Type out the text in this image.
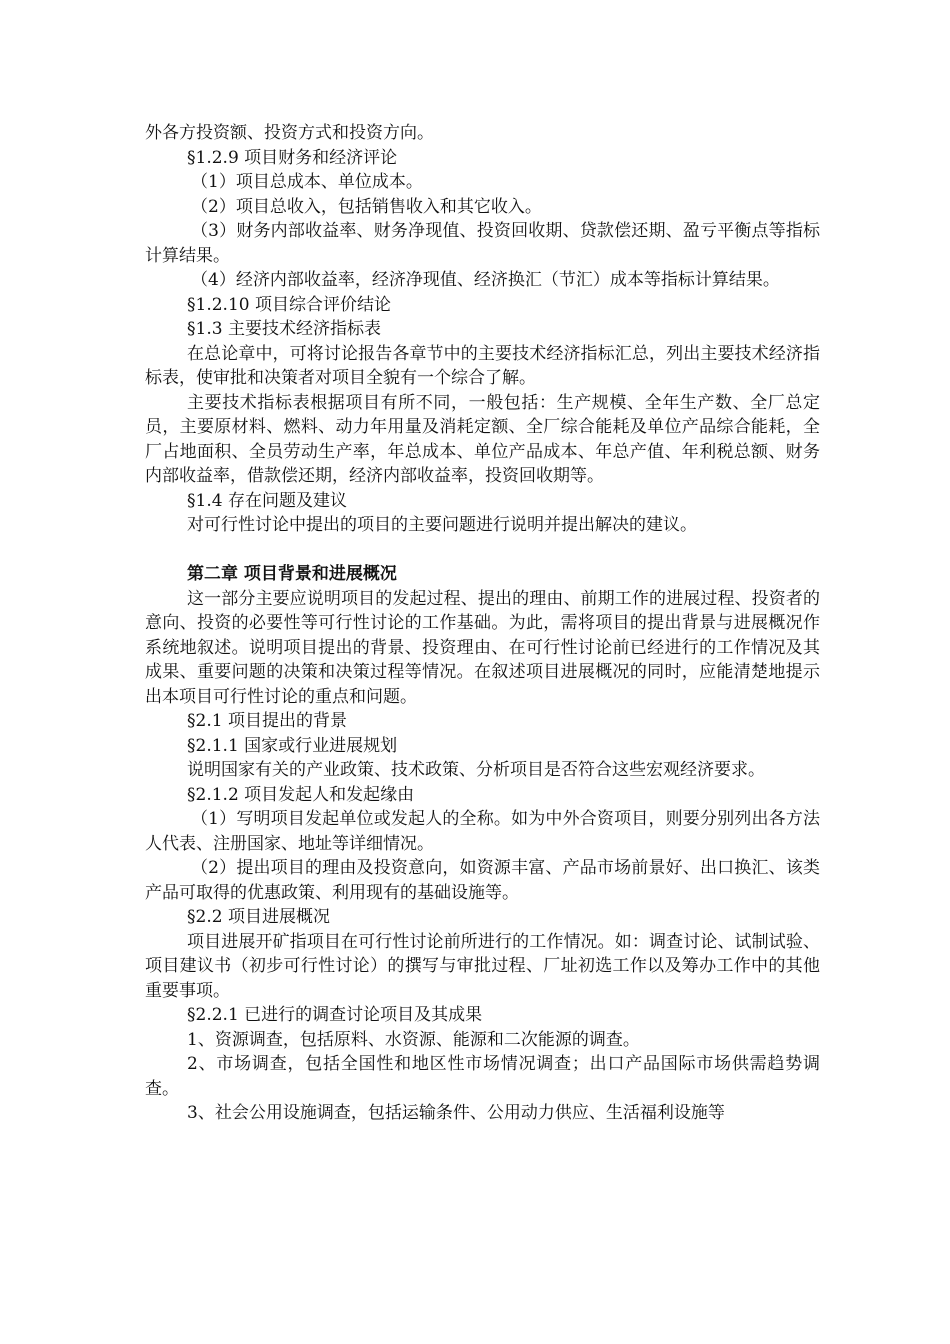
外各方投资额、投资方式和投资方向。

§1.2.9 项目财务和经济评论

（1）项目总成本、单位成本。

（2）项目总收入，包括销售收入和其它收入。

（3）财务内部收益率、财务净现值、投资回收期、贷款偿还期、盈亏平衡点等指标计算结果。

（4）经济内部收益率，经济净现值、经济换汇（节汇）成本等指标计算结果。

§1.2.10 项目综合评价结论

§1.3 主要技术经济指标表

在总论章中，可将讨论报告各章节中的主要技术经济指标汇总，列出主要技术经济指标表，使审批和决策者对项目全貌有一个综合了解。

主要技术指标表根据项目有所不同，一般包括：生产规模、全年生产数、全厂总定员，主要原材料、燃料、动力年用量及消耗定额、全厂综合能耗及单位产品综合能耗，全厂占地面积、全员劳动生产率，年总成本、单位产品成本、年总产值、年利税总额、财务内部收益率，借款偿还期，经济内部收益率，投资回收期等。

§1.4 存在问题及建议

对可行性讨论中提出的项目的主要问题进行说明并提出解决的建议。

第二章 项目背景和进展概况

这一部分主要应说明项目的发起过程、提出的理由、前期工作的进展过程、投资者的意向、投资的必要性等可行性讨论的工作基础。为此，需将项目的提出背景与进展概况作系统地叙述。说明项目提出的背景、投资理由、在可行性讨论前已经进行的工作情况及其成果、重要问题的决策和决策过程等情况。在叙述项目进展概况的同时，应能清楚地提示出本项目可行性讨论的重点和问题。

§2.1 项目提出的背景

§2.1.1 国家或行业进展规划

说明国家有关的产业政策、技术政策、分析项目是否符合这些宏观经济要求。

§2.1.2 项目发起人和发起缘由

（1）写明项目发起单位或发起人的全称。如为中外合资项目，则要分别列出各方法人代表、注册国家、地址等详细情况。

（2）提出项目的理由及投资意向，如资源丰富、产品市场前景好、出口换汇、该类产品可取得的优惠政策、利用现有的基础设施等。

§2.2 项目进展概况

项目进展开矿指项目在可行性讨论前所进行的工作情况。如：调查讨论、试制试验、项目建议书（初步可行性讨论）的撰写与审批过程、厂址初选工作以及筹办工作中的其他重要事项。

§2.2.1 已进行的调查讨论项目及其成果

1、资源调查，包括原料、水资源、能源和二次能源的调查。

2、市场调查，包括全国性和地区性市场情况调查；出口产品国际市场供需趋势调查。

3、社会公用设施调查，包括运输条件、公用动力供应、生活福利设施等
